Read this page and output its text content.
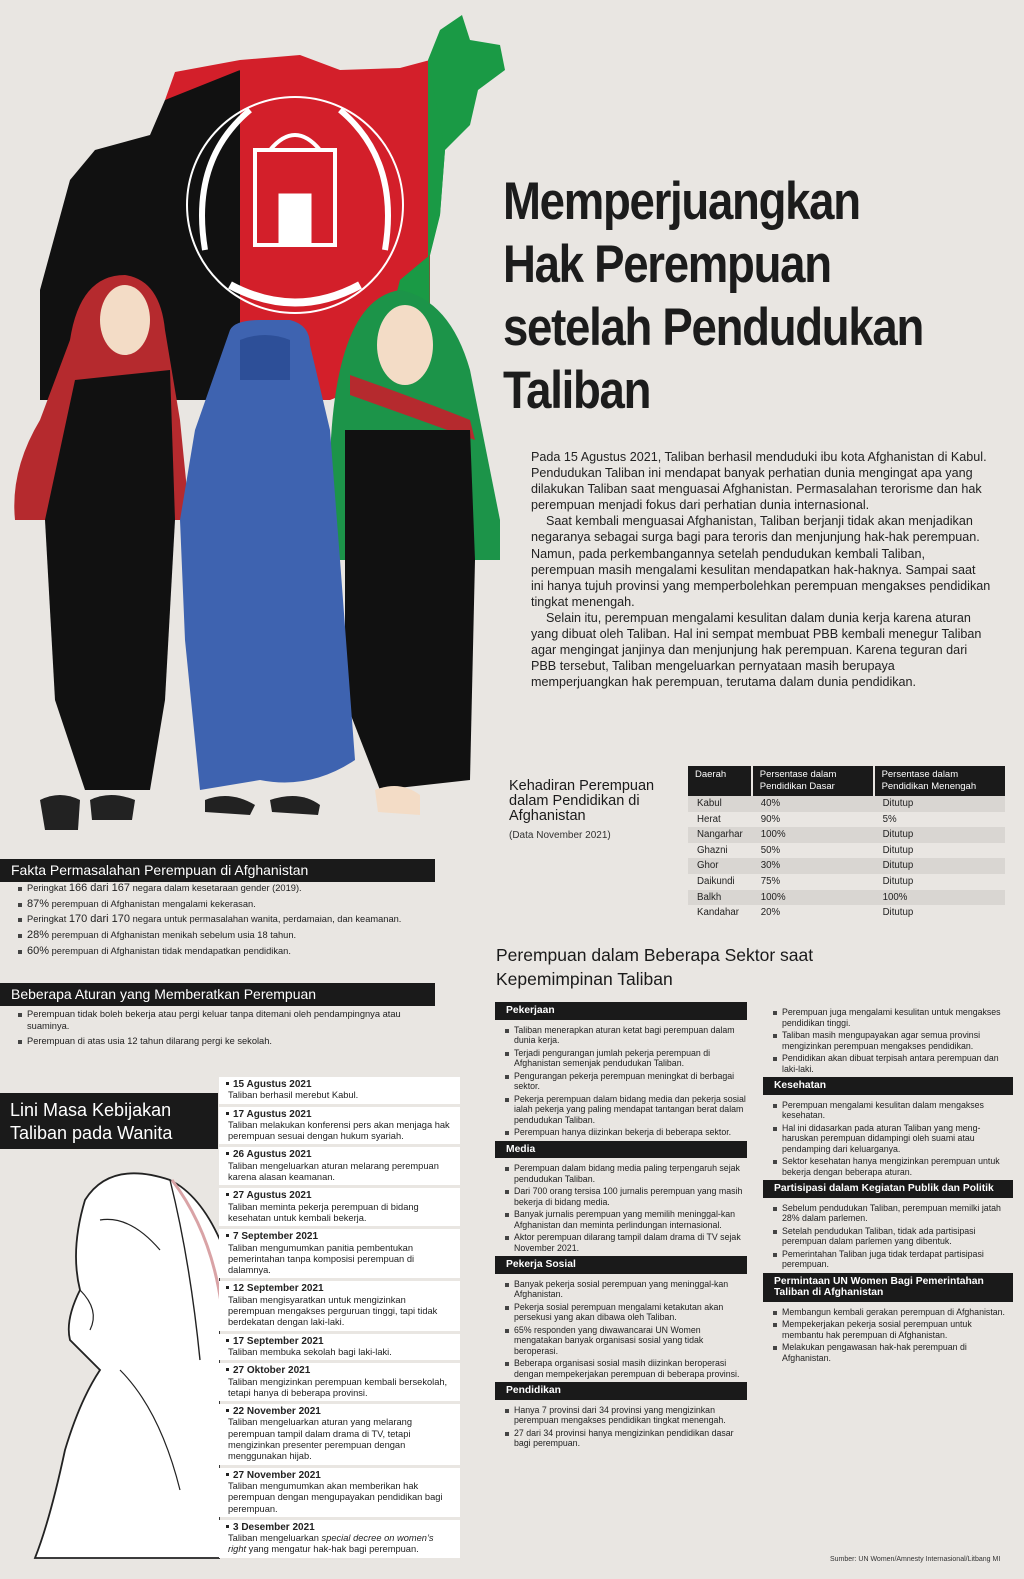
Memperjuangkan
Hak Perempuan
setelah Pendudukan
Taliban

Pada 15 Agustus 2021, Taliban berhasil menduduki ibu kota Afghanistan di Kabul. Pendudukan Taliban ini mendapat banyak perhatian dunia mengingat apa yang dilakukan Taliban saat menguasai Afghanistan. Permasalahan terorisme dan hak perempuan menjadi fokus dari perhatian dunia internasional.

Saat kembali menguasai Afghanistan, Taliban berjanji tidak akan menjadikan negaranya sebagai surga bagi para teroris dan menjunjung hak-hak perempuan. Namun, pada perkembangannya setelah pendudukan kembali Taliban, perempuan masih mengalami kesulitan mendapatkan hak-haknya. Sampai saat ini hanya tujuh provinsi yang memperbolehkan perempuan mengakses pendidikan tingkat menengah.

Selain itu, perempuan mengalami kesulitan dalam dunia kerja karena aturan yang dibuat oleh Taliban. Hal ini sempat membuat PBB kembali menegur Taliban agar mengingat janjinya dan menjunjung hak perempuan. Karena teguran dari PBB tersebut, Taliban mengeluarkan pernyataan masih berupaya memperjuangkan hak perempuan, terutama dalam dunia pendidikan.

Kehadiran Perempuan dalam Pendidikan di Afghanistan
(Data November 2021)
Daerah	Persentase dalam Pendidikan Dasar	Persentase dalam Pendidikan Menengah
Kabul	40%	Ditutup
Herat	90%	5%
Nangarhar	100%	Ditutup
Ghazni	50%	Ditutup
Ghor	30%	Ditutup
Daikundi	75%	Ditutup
Balkh	100%	100%
Kandahar	20%	Ditutup
Fakta Permasalahan Perempuan di Afghanistan
Peringkat 166 dari 167 negara dalam kesetaraan gender (2019).
87% perempuan di Afghanistan mengalami kekerasan.
Peringkat 170 dari 170 negara untuk permasalahan wanita, perdamaian, dan keamanan.
28% perempuan di Afghanistan menikah sebelum usia 18 tahun.
60% perempuan di Afghanistan tidak mendapatkan pendidikan.
Beberapa Aturan yang Memberatkan Perempuan
Perempuan tidak boleh bekerja atau pergi keluar tanpa ditemani oleh pendampingnya atau suaminya.
Perempuan di atas usia 12 tahun dilarang pergi ke sekolah.
Lini Masa Kebijakan
Taliban pada Wanita
15 Agustus 2021
Taliban berhasil merebut Kabul.
17 Agustus 2021
Taliban melakukan konferensi pers akan menjaga hak perempuan sesuai dengan hukum syariah.
26 Agustus 2021
Taliban mengeluarkan aturan melarang perempuan karena alasan keamanan.
27 Agustus 2021
Taliban meminta pekerja perempuan di bidang kesehatan untuk kembali bekerja.
7 September 2021
Taliban mengumumkan panitia pembentukan pemerintahan tanpa komposisi perempuan di dalamnya.
12 September 2021
Taliban mengisyaratkan untuk mengizinkan perempuan mengakses perguruan tinggi, tapi tidak berdekatan dengan laki-laki.
17 September 2021
Taliban membuka sekolah bagi laki-laki.
27 Oktober 2021
Taliban mengizinkan perempuan kembali bersekolah, tetapi hanya di beberapa provinsi.
22 November 2021
Taliban mengeluarkan aturan yang melarang perempuan tampil dalam drama di TV, tetapi mengizinkan presenter perempuan dengan menggunakan hijab.
27 November 2021
Taliban mengumumkan akan memberikan hak perempuan dengan mengupayakan pendidikan bagi perempuan.
3 Desember 2021
Taliban mengeluarkan special decree on women’s right yang mengatur hak-hak bagi perempuan.
Perempuan dalam Beberapa Sektor saat Kepemimpinan Taliban
Pekerjaan
Taliban menerapkan aturan ketat bagi perempuan dalam dunia kerja.
Terjadi pengurangan jumlah pekerja perempuan di Afghanistan semenjak pendudukan Taliban.
Pengurangan pekerja perempuan meningkat di berbagai sektor.
Pekerja perempuan dalam bidang media dan pekerja sosial ialah pekerja yang paling mendapat tantangan berat dalam pendudukan Taliban.
Perempuan hanya diizinkan bekerja di beberapa sektor.
Media
Perempuan dalam bidang media paling terpengaruh sejak pendudukan Taliban.
Dari 700 orang tersisa 100 jurnalis perempuan yang masih bekerja di bidang media.
Banyak jurnalis perempuan yang memilih meninggal-kan Afghanistan dan meminta perlindungan internasional.
Aktor perempuan dilarang tampil dalam drama di TV sejak November 2021.
Pekerja Sosial
Banyak pekerja sosial perempuan yang meninggal-kan Afghanistan.
Pekerja sosial perempuan mengalami ketakutan akan persekusi yang akan dibawa oleh Taliban.
65% responden yang diwawancarai UN Women mengatakan banyak organisasi sosial yang tidak beroperasi.
Beberapa organisasi sosial masih diizinkan beroperasi dengan mempekerjakan perempuan di beberapa provinsi.
Pendidikan
Hanya 7 provinsi dari 34 provinsi yang mengizinkan perempuan mengakses pendidikan tingkat menengah.
27 dari 34 provinsi hanya mengizinkan pendidikan dasar bagi perempuan.
Perempuan juga mengalami kesulitan untuk mengakses pendidikan tinggi.
Taliban masih mengupayakan agar semua provinsi mengizinkan perempuan mengakses pendidikan.
Pendidikan akan dibuat terpisah antara perempuan dan laki-laki.
Kesehatan
Perempuan mengalami kesulitan dalam mengakses kesehatan.
Hal ini didasarkan pada aturan Taliban yang meng-haruskan perempuan didampingi oleh suami atau pendamping dari keluarganya.
Sektor kesehatan hanya mengizinkan perempuan untuk bekerja dengan beberapa aturan.
Partisipasi dalam Kegiatan Publik dan Politik
Sebelum pendudukan Taliban, perempuan memilki jatah 28% dalam parlemen.
Setelah pendudukan Taliban, tidak ada partisipasi perempuan dalam parlemen yang dibentuk.
Pemerintahan Taliban juga tidak terdapat partisipasi perempuan.
Permintaan UN Women Bagi Pemerintahan Taliban di Afghanistan
Membangun kembali gerakan perempuan di Afghanistan.
Mempekerjakan pekerja sosial perempuan untuk membantu hak perempuan di Afghanistan.
Melakukan pengawasan hak-hak perempuan di Afghanistan.
Sumber: UN Women/Amnesty Internasional/Litbang MI
